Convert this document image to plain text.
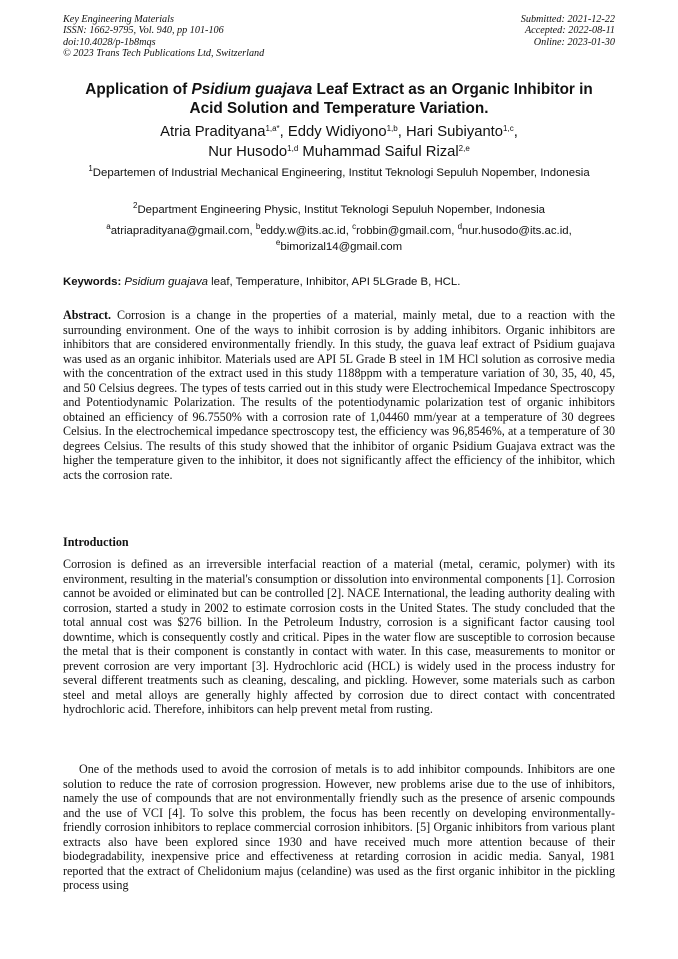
Key Engineering Materials
ISSN: 1662-9795, Vol. 940, pp 101-106
doi:10.4028/p-1b8mqs
© 2023 Trans Tech Publications Ltd, Switzerland
Submitted: 2021-12-22
Accepted: 2022-08-11
Online: 2023-01-30
Application of Psidium guajava Leaf Extract as an Organic Inhibitor in
Acid Solution and Temperature Variation.
Atria Pradityana$^{1,a*}$, Eddy Widiyono$^{1,b}$, Hari Subiyanto$^{1,c}$,
Nur Husodo$^{1,d}$ Muhammad Saiful Rizal$^{2,e}$
$^1$Departemen of Industrial Mechanical Engineering, Institut Teknologi Sepuluh Nopember, Indonesia
$^2$Department Engineering Physic, Institut Teknologi Sepuluh Nopember, Indonesia
$^a$atriapradityana@gmail.com, $^b$eddy.w@its.ac.id, $^c$robbin@gmail.com, $^d$nur.husodo@its.ac.id,
$^e$bimorizal14@gmail.com
Keywords: Psidium guajava leaf, Temperature, Inhibitor, API 5LGrade B, HCL.

Abstract. Corrosion is a change in the properties of a material, mainly metal, due to a reaction with the surrounding environment. One of the ways to inhibit corrosion is by adding inhibitors. Organic inhibitors are inhibitors that are considered environmentally friendly. In this study, the guava leaf extract of Psidium guajava was used as an organic inhibitor. Materials used are API 5L Grade B steel in 1M HCl solution as corrosive media with the concentration of the extract used in this study 1188ppm with a temperature variation of 30, 35, 40, 45, and 50 Celsius degrees. The types of tests carried out in this study were Electrochemical Impedance Spectroscopy and Potentiodynamic Polarization. The results of the potentiodynamic polarization test of organic inhibitors obtained an efficiency of 96.7550% with a corrosion rate of 1,04460 mm/year at a temperature of 30 degrees Celsius. In the electrochemical impedance spectroscopy test, the efficiency was 96,8546%, at a temperature of 30 degrees Celsius. The results of this study showed that the inhibitor of organic Psidium Guajava extract was the higher the temperature given to the inhibitor, it does not significantly affect the efficiency of the inhibitor, which acts the corrosion rate.

Introduction

Corrosion is defined as an irreversible interfacial reaction of a material (metal, ceramic, polymer) with its environment, resulting in the material's consumption or dissolution into environmental components [1]. Corrosion cannot be avoided or eliminated but can be controlled [2]. NACE International, the leading authority dealing with corrosion, started a study in 2002 to estimate corrosion costs in the United States. The study concluded that the total annual cost was $276 billion. In the Petroleum Industry, corrosion is a significant factor causing tool downtime, which is consequently costly and critical. Pipes in the water flow are susceptible to corrosion because the metal that is their component is constantly in contact with water. In this case, measurements to monitor or prevent corrosion are very important [3]. Hydrochloric acid (HCL) is widely used in the process industry for several different treatments such as cleaning, descaling, and pickling. However, some materials such as carbon steel and metal alloys are generally highly affected by corrosion due to direct contact with concentrated hydrochloric acid. Therefore, inhibitors can help prevent metal from rusting.

One of the methods used to avoid the corrosion of metals is to add inhibitor compounds. Inhibitors are one solution to reduce the rate of corrosion progression. However, new problems arise due to the use of inhibitors, namely the use of compounds that are not environmentally friendly such as the presence of arsenic compounds and the use of VCI [4]. To solve this problem, the focus has been recently on developing environmentally-friendly corrosion inhibitors to replace commercial corrosion inhibitors. [5] Organic inhibitors from various plant extracts also have been explored since 1930 and have received much more attention because of their biodegradability, inexpensive price and effectiveness at retarding corrosion in acidic media. Sanyal, 1981 reported that the extract of Chelidonium majus (celandine) was used as the first organic inhibitor in the pickling process using
